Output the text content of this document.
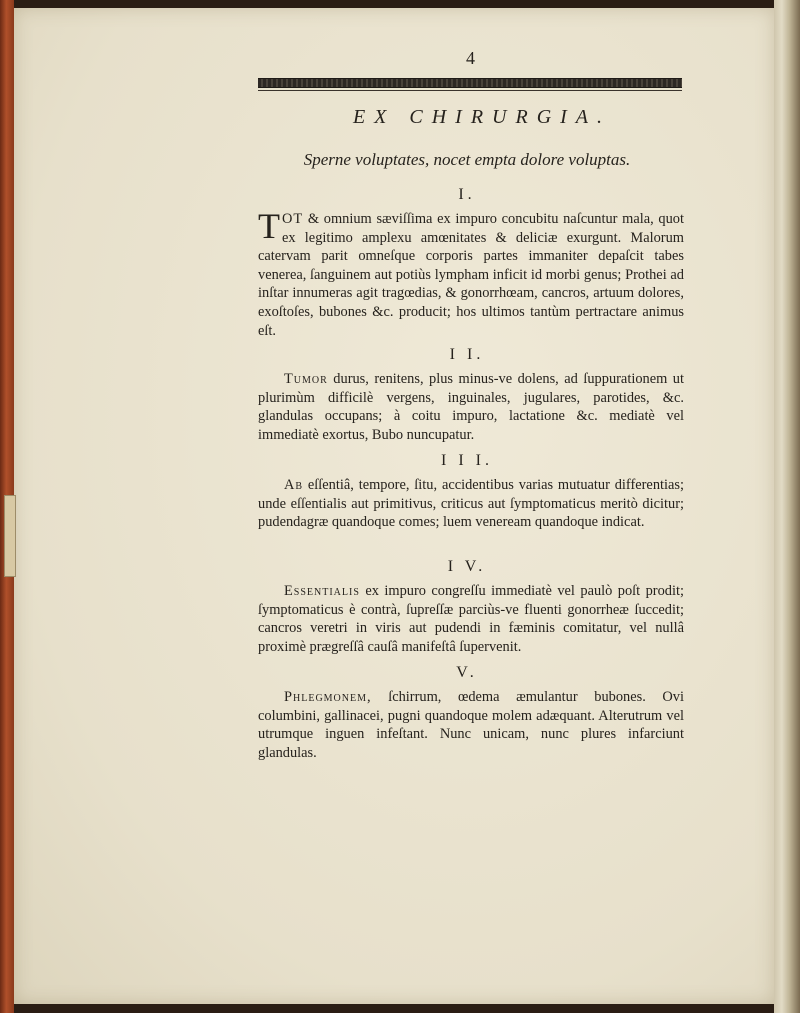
4
EX CHIRURGIA.
Sperne voluptates, nocet empta dolore voluptas.
I.

TOT & omnium sæviſſima ex impuro concubitu naſcuntur mala, quot ex legitimo amplexu amœnitates & deliciæ exurgunt. Malorum catervam parit omneſque corporis partes immaniter depaſcit tabes venerea, ſanguinem aut potiùs lympham inficit id morbi genus; Prothei ad inſtar innumeras agit tragœdias, & gonorrhœam, cancros, artuum dolores, exoſtoſes, bubones &c. producit; hos ultimos tantùm pertractare animus eſt.

I I.

Tumor durus, renitens, plus minus-ve dolens, ad ſuppurationem ut plurimùm difficilè vergens, inguinales, jugulares, parotides, &c. glandulas occupans; à coitu impuro, lactatione &c. mediatè vel immediatè exortus, Bubo nuncupatur.

I I I.

Ab eſſentiâ, tempore, ſitu, accidentibus varias mutuatur differentias; unde eſſentialis aut primitivus, criticus aut ſymptomaticus meritò dicitur; pudendagræ quandoque comes; luem veneream quandoque indicat.

I V.

Essentialis ex impuro congreſſu immediatè vel paulò poſt prodit; ſymptomaticus è contrà, ſupreſſæ parciùs-ve fluenti gonorrheæ ſuccedit; cancros veretri in viris aut pudendi in fæminis comitatur, vel nullâ proximè prægreſſâ cauſâ manifeſtâ ſupervenit.

V.

Phlegmonem, ſchirrum, œdema æmulantur bubones. Ovi columbini, gallinacei, pugni quandoque molem adæquant. Alterutrum vel utrumque inguen infeſtant. Nunc unicam, nunc plures infarciunt glandulas.
